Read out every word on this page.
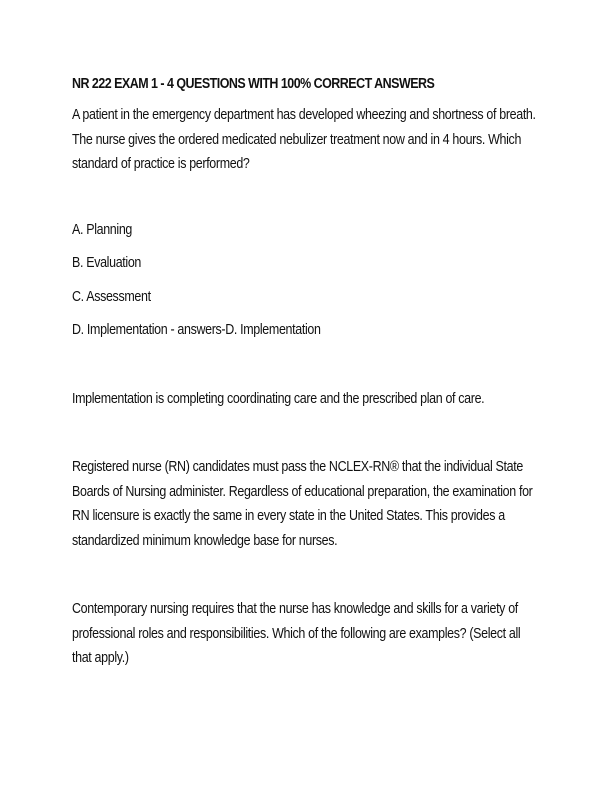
NR 222 EXAM 1 - 4 QUESTIONS WITH 100% CORRECT ANSWERS

A patient in the emergency department has developed wheezing and shortness of breath. The nurse gives the ordered medicated nebulizer treatment now and in 4 hours. Which standard of practice is performed?

A. Planning

B. Evaluation

C. Assessment

D. Implementation - answers-D. Implementation

Implementation is completing coordinating care and the prescribed plan of care.

Registered nurse (RN) candidates must pass the NCLEX-RN® that the individual State Boards of Nursing administer. Regardless of educational preparation, the examination for RN licensure is exactly the same in every state in the United States. This provides a standardized minimum knowledge base for nurses.

Contemporary nursing requires that the nurse has knowledge and skills for a variety of professional roles and responsibilities. Which of the following are examples? (Select all that apply.)
